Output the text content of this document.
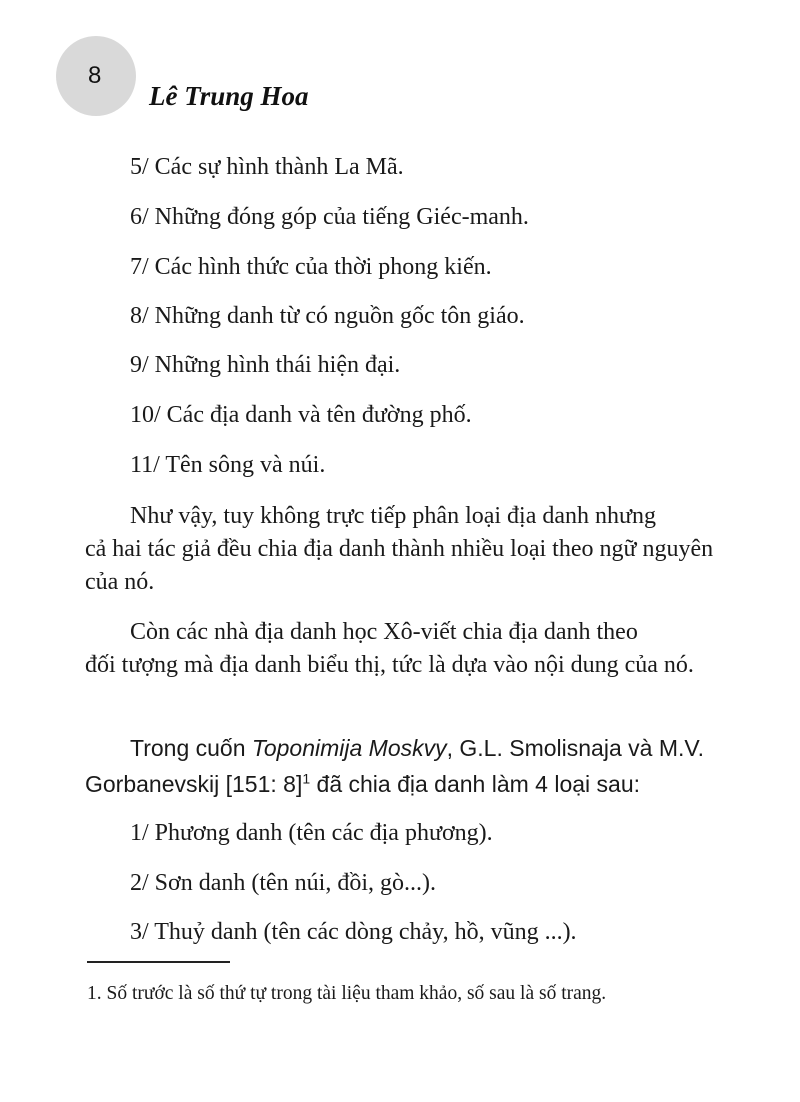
8
Lê Trung Hoa

5/ Các sự hình thành La Mã.

6/ Những đóng góp của tiếng Giéc-manh.

7/ Các hình thức của thời phong kiến.

8/ Những danh từ có nguồn gốc tôn giáo.

9/ Những hình thái hiện đại.

10/ Các địa danh và tên đường phố.

11/ Tên sông và núi.

Như vậy, tuy không trực tiếp phân loại địa danh nhưng

cả hai tác giả đều chia địa danh thành nhiều loại theo ngữ nguyên của nó.

Còn các nhà địa danh học Xô-viết chia địa danh theo

đối tượng mà địa danh biểu thị, tức là dựa vào nội dung của nó.

Trong cuốn Toponimija Moskvy, G.L. Smolisnaja và M.V.

Gorbanevskij [151: 8]$^1$ đã chia địa danh làm 4 loại sau:

1/ Phương danh (tên các địa phương).

2/ Sơn danh (tên núi, đồi, gò...).

3/ Thuỷ danh (tên các dòng chảy, hồ, vũng ...).

1. Số trước là số thứ tự trong tài liệu tham khảo, số sau là số trang.
